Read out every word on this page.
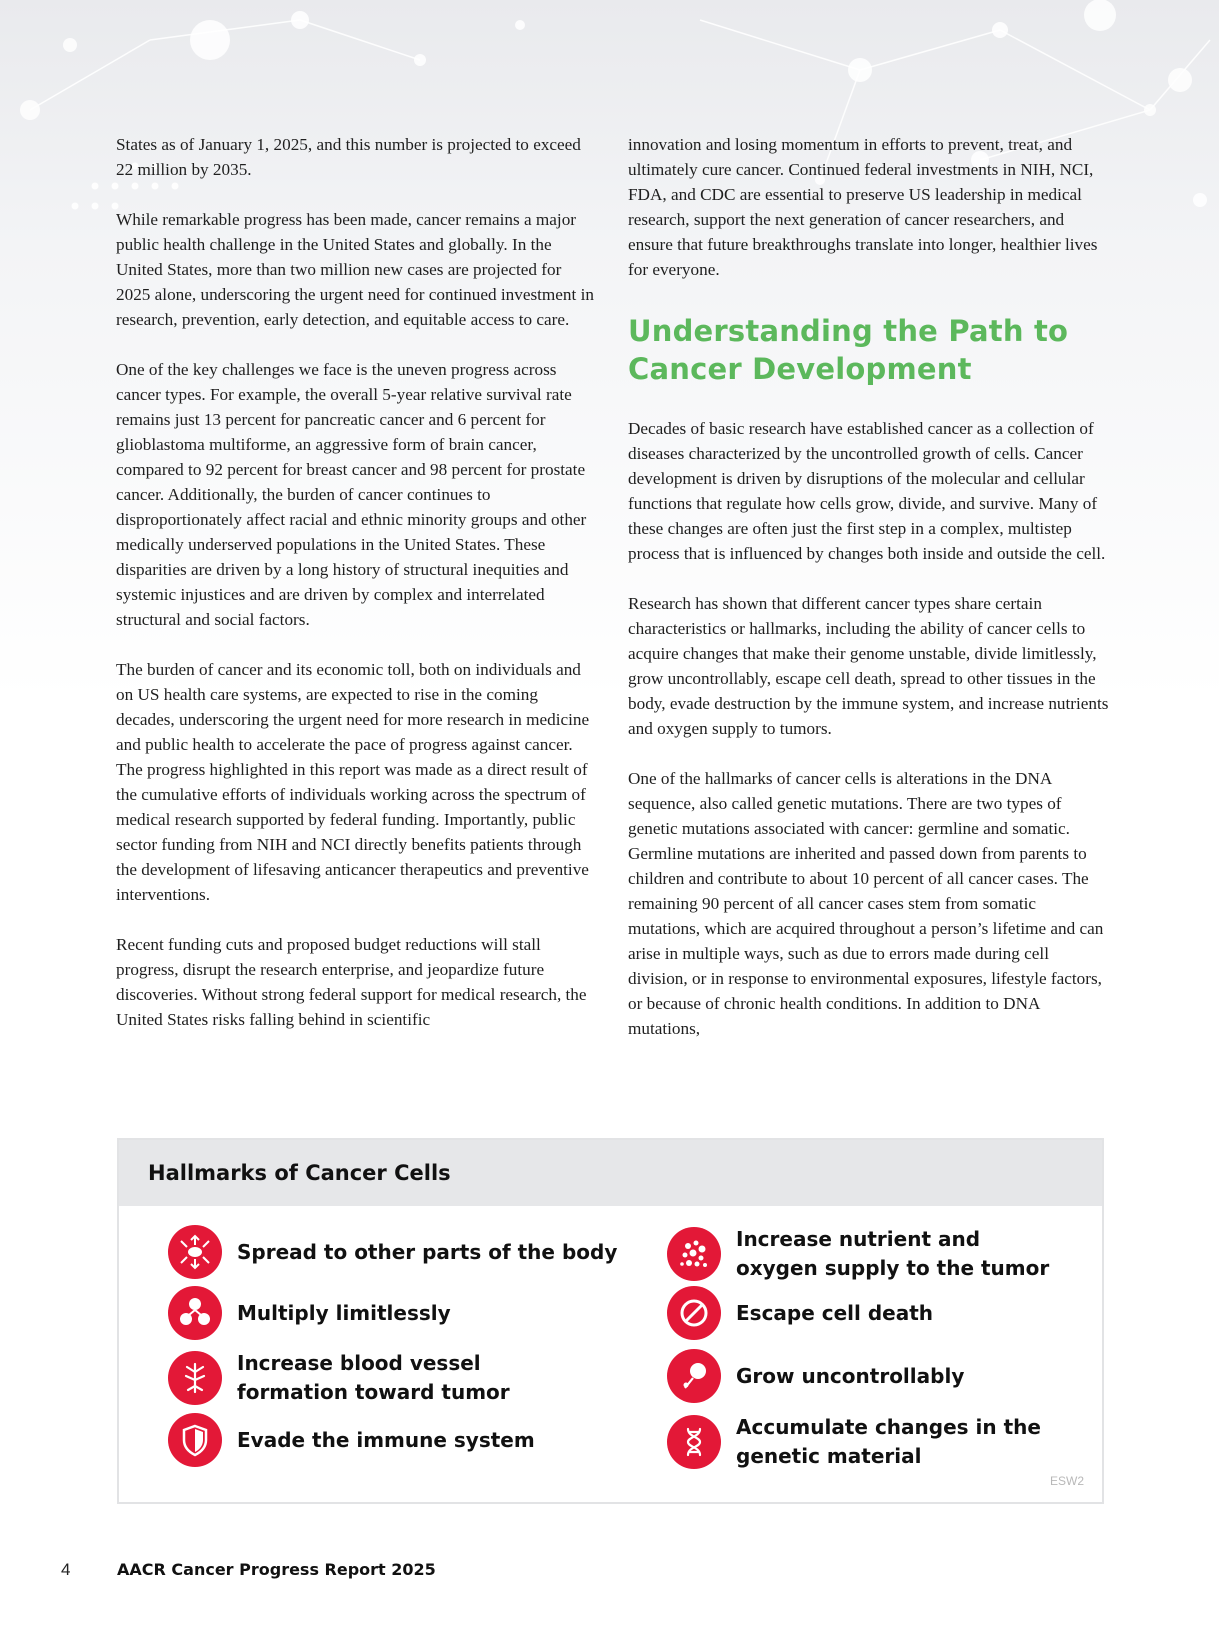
States as of January 1, 2025, and this number is projected to exceed 22 million by 2035.

While remarkable progress has been made, cancer remains a major public health challenge in the United States and globally. In the United States, more than two million new cases are projected for 2025 alone, underscoring the urgent need for continued investment in research, prevention, early detection, and equitable access to care.

One of the key challenges we face is the uneven progress across cancer types. For example, the overall 5-year relative survival rate remains just 13 percent for pancreatic cancer and 6 percent for glioblastoma multiforme, an aggressive form of brain cancer, compared to 92 percent for breast cancer and 98 percent for prostate cancer. Additionally, the burden of cancer continues to disproportionately affect racial and ethnic minority groups and other medically underserved populations in the United States. These disparities are driven by a long history of structural inequities and systemic injustices and are driven by complex and interrelated structural and social factors.

The burden of cancer and its economic toll, both on individuals and on US health care systems, are expected to rise in the coming decades, underscoring the urgent need for more research in medicine and public health to accelerate the pace of progress against cancer. The progress highlighted in this report was made as a direct result of the cumulative efforts of individuals working across the spectrum of medical research supported by federal funding. Importantly, public sector funding from NIH and NCI directly benefits patients through the development of lifesaving anticancer therapeutics and preventive interventions.

Recent funding cuts and proposed budget reductions will stall progress, disrupt the research enterprise, and jeopardize future discoveries. Without strong federal support for medical research, the United States risks falling behind in scientific

innovation and losing momentum in efforts to prevent, treat, and ultimately cure cancer. Continued federal investments in NIH, NCI, FDA, and CDC are essential to preserve US leadership in medical research, support the next generation of cancer researchers, and ensure that future breakthroughs translate into longer, healthier lives for everyone.

Understanding the Path to Cancer Development

Decades of basic research have established cancer as a collection of diseases characterized by the uncontrolled growth of cells. Cancer development is driven by disruptions of the molecular and cellular functions that regulate how cells grow, divide, and survive. Many of these changes are often just the first step in a complex, multistep process that is influenced by changes both inside and outside the cell.

Research has shown that different cancer types share certain characteristics or hallmarks, including the ability of cancer cells to acquire changes that make their genome unstable, divide limitlessly, grow uncontrollably, escape cell death, spread to other tissues in the body, evade destruction by the immune system, and increase nutrients and oxygen supply to tumors.

One of the hallmarks of cancer cells is alterations in the DNA sequence, also called genetic mutations. There are two types of genetic mutations associated with cancer: germline and somatic. Germline mutations are inherited and passed down from parents to children and contribute to about 10 percent of all cancer cases. The remaining 90 percent of all cancer cases stem from somatic mutations, which are acquired throughout a person’s lifetime and can arise in multiple ways, such as due to errors made during cell division, or in response to environmental exposures, lifestyle factors, or because of chronic health conditions. In addition to DNA mutations,

Hallmarks of Cancer Cells
Spread to other parts of the body
Multiply limitlessly
Increase blood vessel formation toward tumor
Evade the immune system
Increase nutrient and oxygen supply to the tumor
Escape cell death
Grow uncontrollably
Accumulate changes in the genetic material
ESW2
4	AACR Cancer Progress Report 2025
